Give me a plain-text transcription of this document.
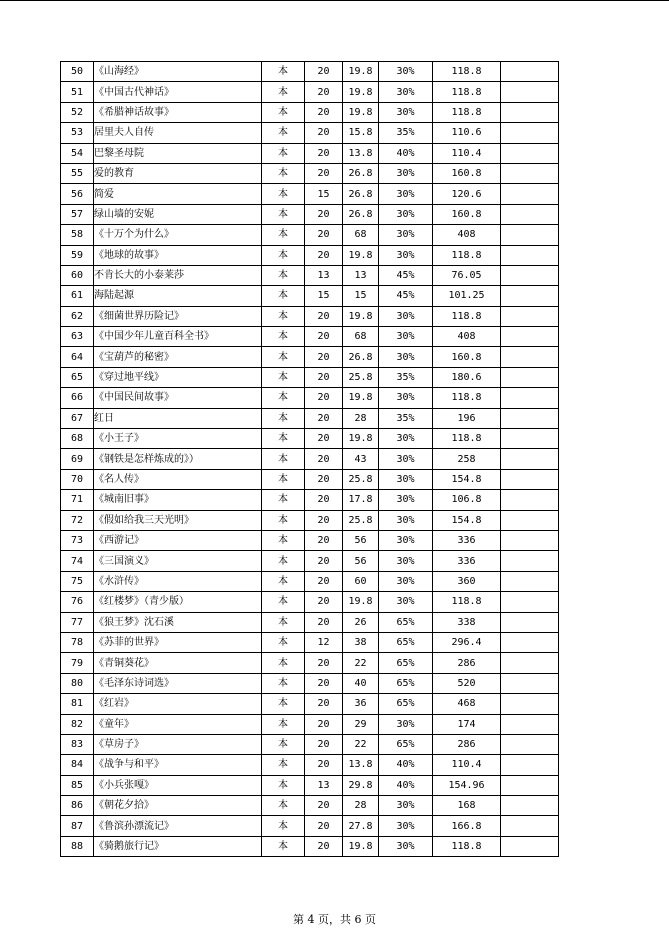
50	《山海经》	本	20	19.8	30%	118.8	
51	《中国古代神话》	本	20	19.8	30%	118.8	
52	《希腊神话故事》	本	20	19.8	30%	118.8	
53	居里夫人自传	本	20	15.8	35%	110.6	
54	巴黎圣母院	本	20	13.8	40%	110.4	
55	爱的教育	本	20	26.8	30%	160.8	
56	简爱	本	15	26.8	30%	120.6	
57	绿山墙的安妮	本	20	26.8	30%	160.8	
58	《十万个为什么》	本	20	68	30%	408	
59	《地球的故事》	本	20	19.8	30%	118.8	
60	不肯长大的小泰莱莎	本	13	13	45%	76.05	
61	海陆起源	本	15	15	45%	101.25	
62	《细菌世界历险记》	本	20	19.8	30%	118.8	
63	《中国少年儿童百科全书》	本	20	68	30%	408	
64	《宝葫芦的秘密》	本	20	26.8	30%	160.8	
65	《穿过地平线》	本	20	25.8	35%	180.6	
66	《中国民间故事》	本	20	19.8	30%	118.8	
67	红日	本	20	28	35%	196	
68	《小王子》	本	20	19.8	30%	118.8	
69	《钢铁是怎样炼成的》）	本	20	43	30%	258	
70	《名人传》	本	20	25.8	30%	154.8	
71	《城南旧事》	本	20	17.8	30%	106.8	
72	《假如给我三天光明》	本	20	25.8	30%	154.8	
73	《西游记》	本	20	56	30%	336	
74	《三国演义》	本	20	56	30%	336	
75	《水浒传》	本	20	60	30%	360	
76	《红楼梦》（青少版）	本	20	19.8	30%	118.8	
77	《狼王梦》沈石溪	本	20	26	65%	338	
78	《苏菲的世界》	本	12	38	65%	296.4	
79	《青铜葵花》	本	20	22	65%	286	
80	《毛泽东诗词选》	本	20	40	65%	520	
81	《红岩》	本	20	36	65%	468	
82	《童年》	本	20	29	30%	174	
83	《草房子》	本	20	22	65%	286	
84	《战争与和平》	本	20	13.8	40%	110.4	
85	《小兵张嘎》	本	13	29.8	40%	154.96	
86	《朝花夕拾》	本	20	28	30%	168	
87	《鲁滨孙漂流记》	本	20	27.8	30%	166.8	
88	《骑鹅旅行记》	本	20	19.8	30%	118.8	
第 4 页，共 6 页
